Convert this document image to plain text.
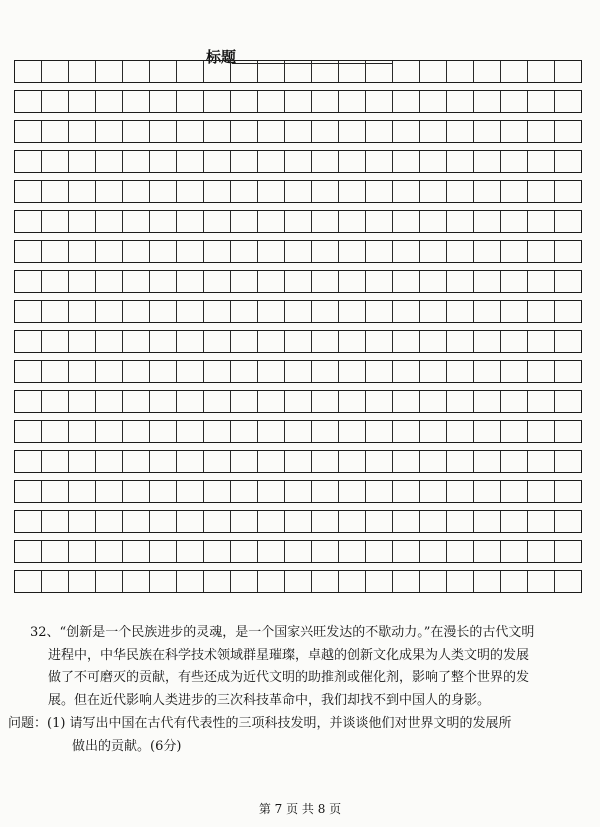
标题

32、“创新是一个民族进步的灵魂，是一个国家兴旺发达的不歇动力。”在漫长的古代文明

进程中，中华民族在科学技术领域群星璀璨，卓越的创新文化成果为人类文明的发展

做了不可磨灭的贡献，有些还成为近代文明的助推剂或催化剂，影响了整个世界的发

展。但在近代影响人类进步的三次科技革命中，我们却找不到中国人的身影。

问题：(1) 请写出中国在古代有代表性的三项科技发明，并谈谈他们对世界文明的发展所

做出的贡献。(6分)

第 7 页 共 8 页
